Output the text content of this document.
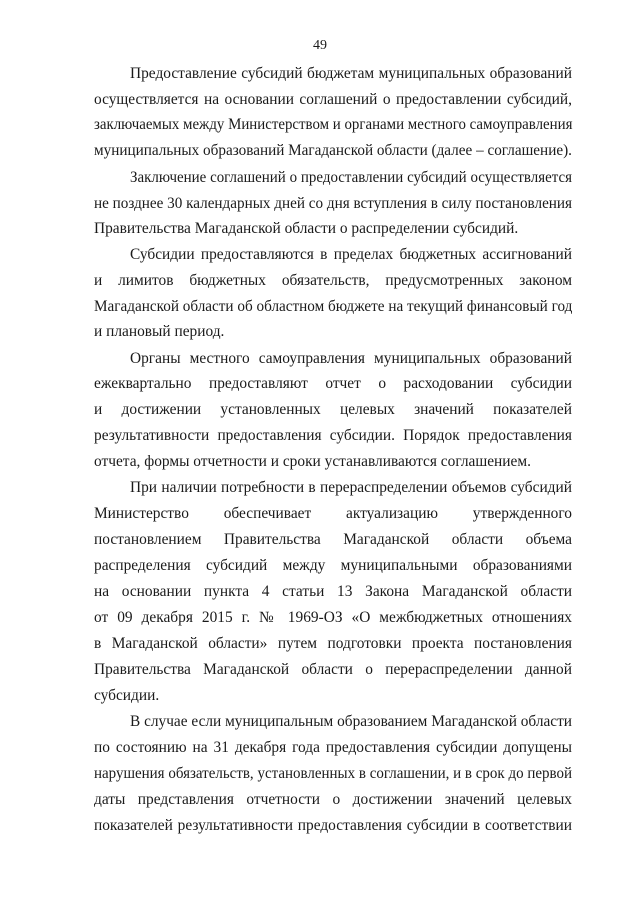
49
Предоставление субсидий бюджетам муниципальных образований
осуществляется на основании соглашений о предоставлении субсидий,
заключаемых между Министерством и органами местного самоуправления
муниципальных образований Магаданской области (далее – соглашение).
Заключение соглашений о предоставлении субсидий осуществляется
не позднее 30 календарных дней со дня вступления в силу постановления
Правительства Магаданской области о распределении субсидий.
Субсидии предоставляются в пределах бюджетных ассигнований
и лимитов бюджетных обязательств, предусмотренных законом
Магаданской области об областном бюджете на текущий финансовый год
и плановый период.
Органы местного самоуправления муниципальных образований
ежеквартально предоставляют отчет о расходовании субсидии
и достижении установленных целевых значений показателей
результативности предоставления субсидии. Порядок предоставления
отчета, формы отчетности и сроки устанавливаются соглашением.
При наличии потребности в перераспределении объемов субсидий
Министерство обеспечивает актуализацию утвержденного
постановлением Правительства Магаданской области объема
распределения субсидий между муниципальными образованиями
на основании пункта 4 статьи 13 Закона Магаданской области
от 09 декабря 2015 г. № 1969-ОЗ «О межбюджетных отношениях
в Магаданской области» путем подготовки проекта постановления
Правительства Магаданской области о перераспределении данной
субсидии.
В случае если муниципальным образованием Магаданской области
по состоянию на 31 декабря года предоставления субсидии допущены
нарушения обязательств, установленных в соглашении, и в срок до первой
даты представления отчетности о достижении значений целевых
показателей результативности предоставления субсидии в соответствии
